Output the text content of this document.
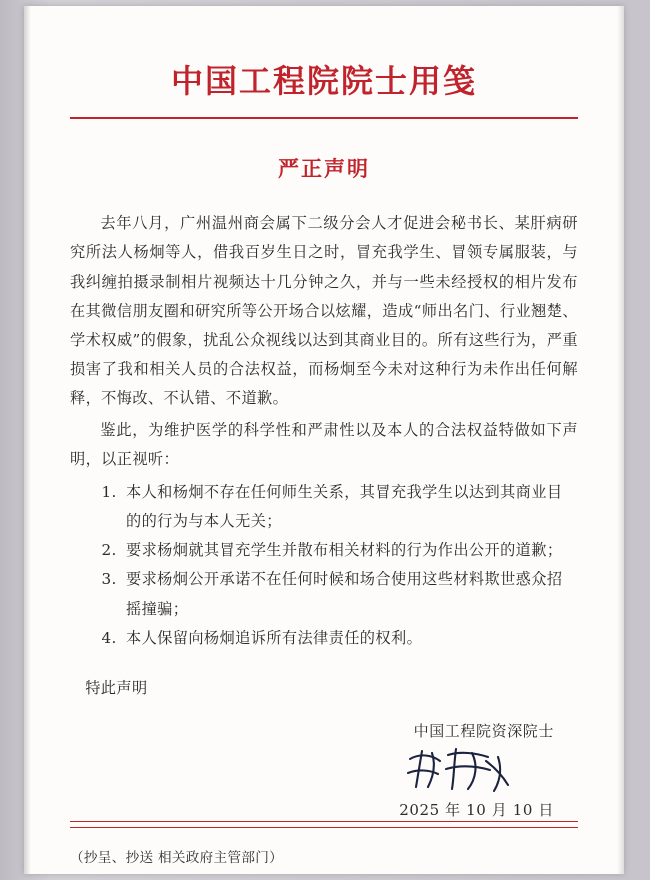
中国工程院院士用笺
严正声明

去年八月，广州温州商会属下二级分会人才促进会秘书长、某肝病研究所法人杨炯等人，借我百岁生日之时，冒充我学生、冒领专属服装，与我纠缠拍摄录制相片视频达十几分钟之久，并与一些未经授权的相片发布在其微信朋友圈和研究所等公开场合以炫耀，造成“师出名门、行业翘楚、学术权威”的假象，扰乱公众视线以达到其商业目的。所有这些行为，严重损害了我和相关人员的合法权益，而杨炯至今未对这种行为未作出任何解释，不悔改、不认错、不道歉。

鉴此，为维护医学的科学性和严肃性以及本人的合法权益特做如下声明，以正视听：

1. 本人和杨炯不存在任何师生关系，其冒充我学生以达到其商业目的的行为与本人无关；
2. 要求杨炯就其冒充学生并散布相关材料的行为作出公开的道歉；
3. 要求杨炯公开承诺不在任何时候和场合使用这些材料欺世惑众招摇撞骗；
4. 本人保留向杨炯追诉所有法律责任的权利。
特此声明
中国工程院资深院士
2025 年 10 月 10 日
（抄呈、抄送 相关政府主管部门）
